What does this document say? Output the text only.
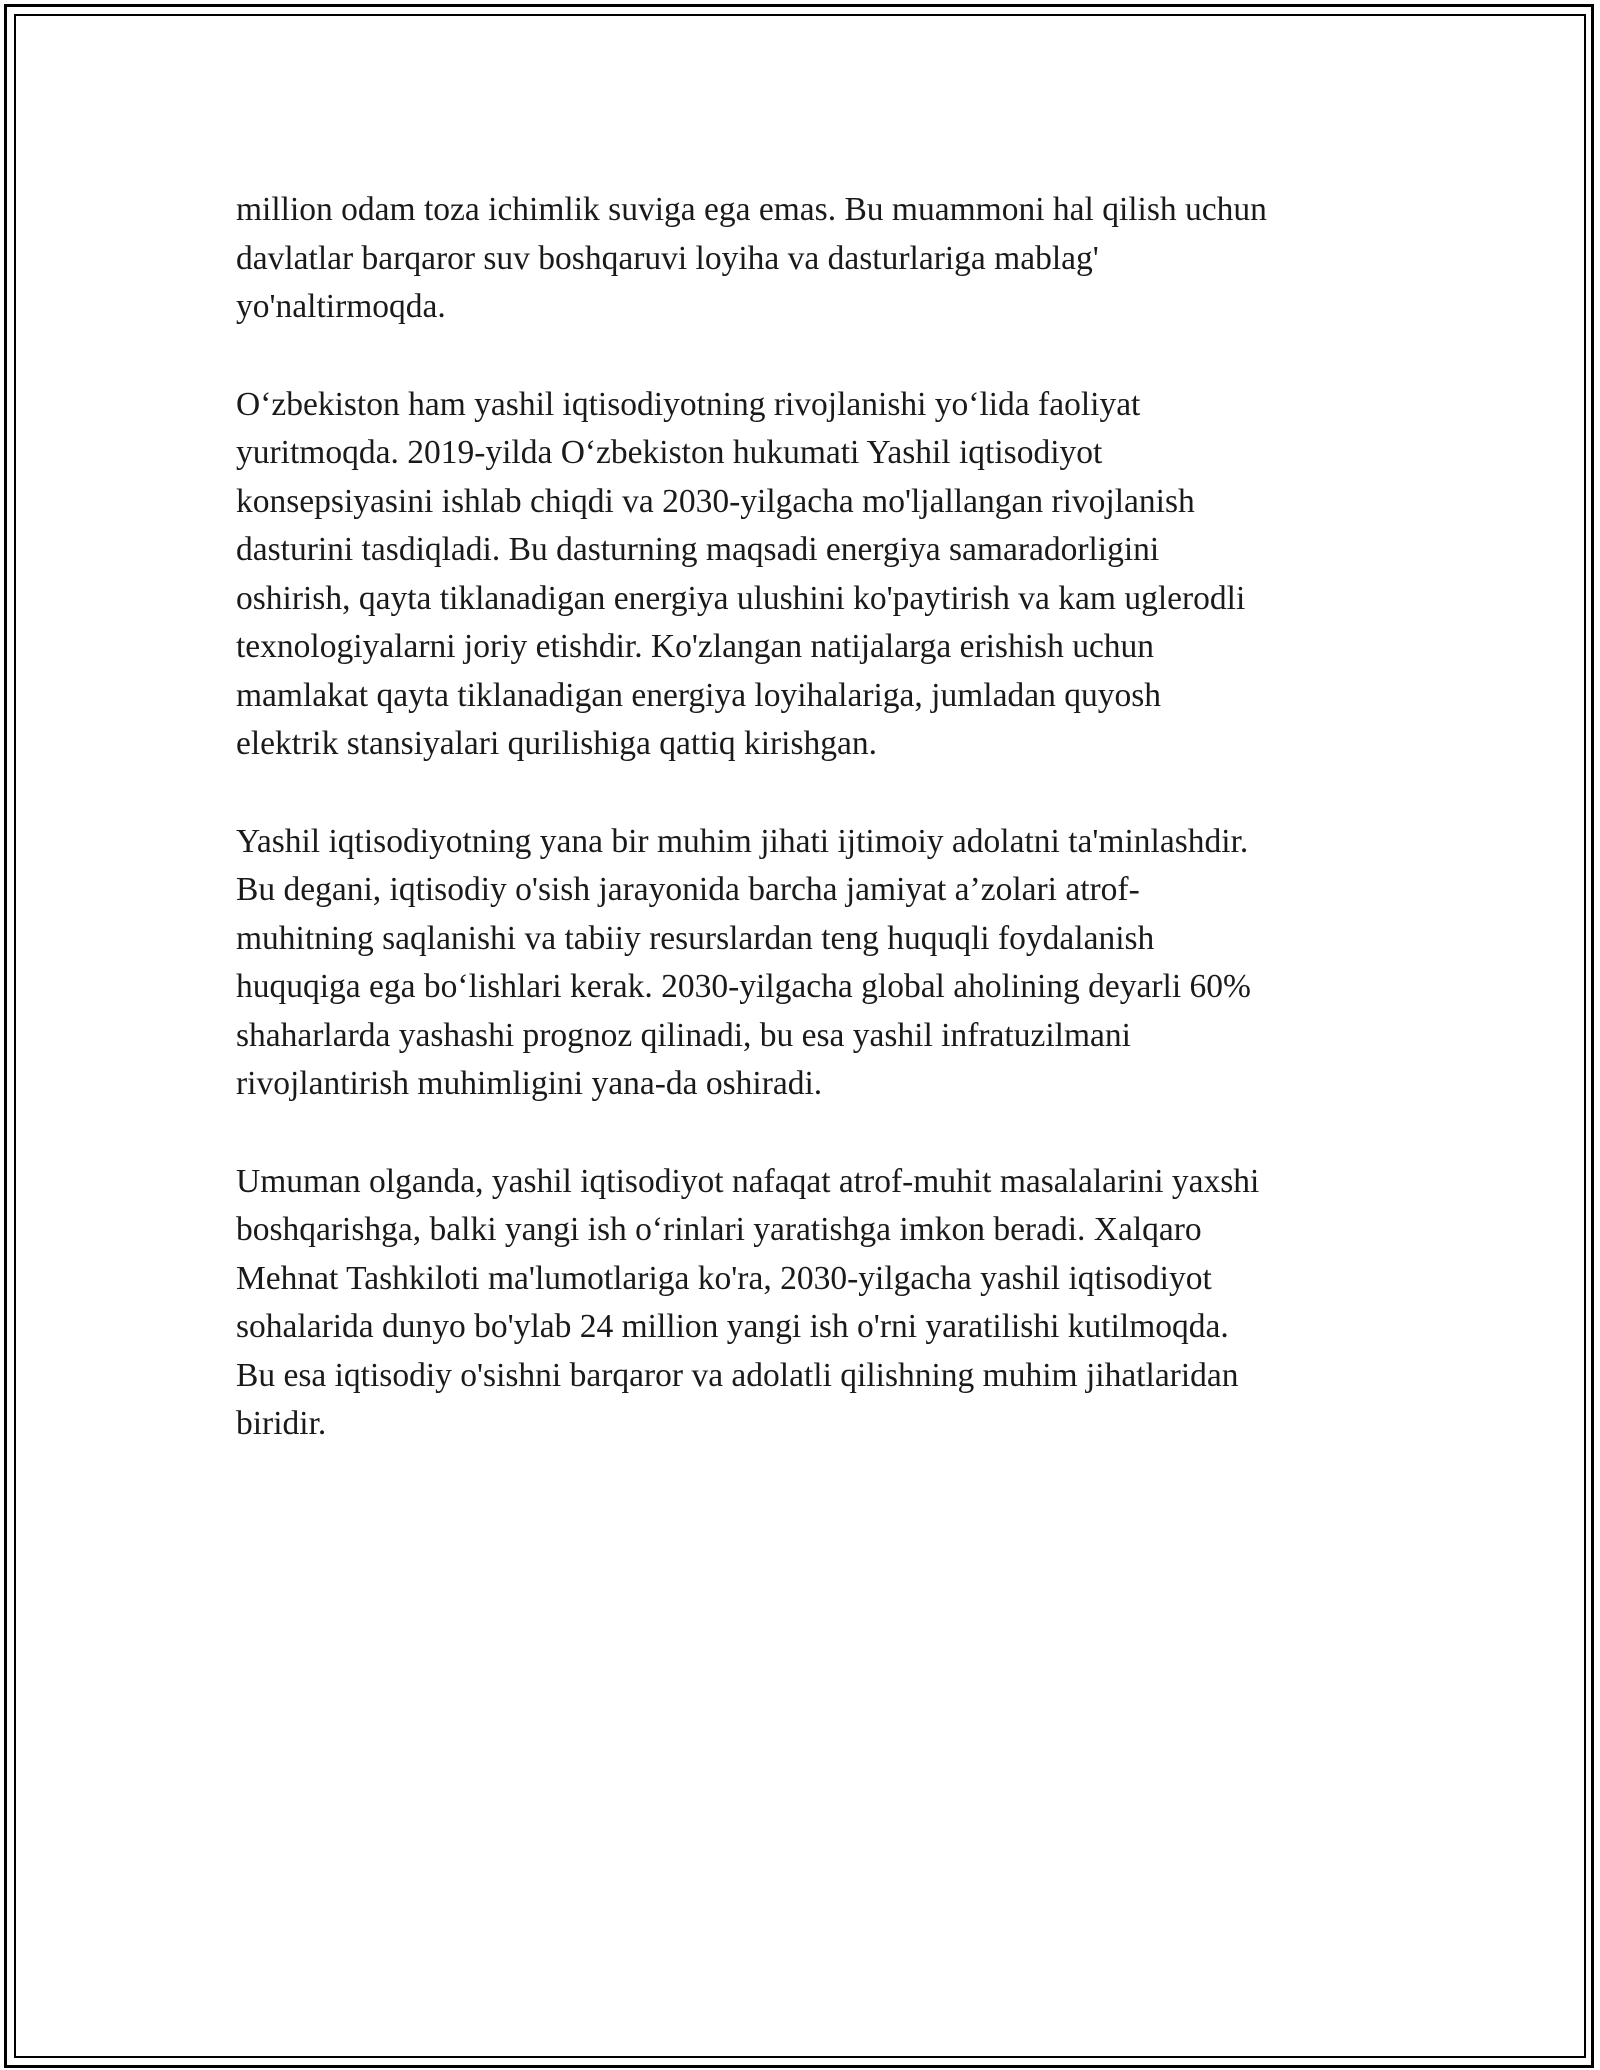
million odam toza ichimlik suviga ega emas. Bu muammoni hal qilish uchun
davlatlar barqaror suv boshqaruvi loyiha va dasturlariga mablag'
yo'naltirmoqda.

O‘zbekiston ham yashil iqtisodiyotning rivojlanishi yo‘lida faoliyat
yuritmoqda. 2019-yilda O‘zbekiston hukumati Yashil iqtisodiyot
konsepsiyasini ishlab chiqdi va 2030-yilgacha mo'ljallangan rivojlanish
dasturini tasdiqladi. Bu dasturning maqsadi energiya samaradorligini
oshirish, qayta tiklanadigan energiya ulushini ko'paytirish va kam uglerodli
texnologiyalarni joriy etishdir. Ko'zlangan natijalarga erishish uchun
mamlakat qayta tiklanadigan energiya loyihalariga, jumladan quyosh
elektrik stansiyalari qurilishiga qattiq kirishgan.

Yashil iqtisodiyotning yana bir muhim jihati ijtimoiy adolatni ta'minlashdir.
Bu degani, iqtisodiy o'sish jarayonida barcha jamiyat a’zolari atrof-
muhitning saqlanishi va tabiiy resurslardan teng huquqli foydalanish
huquqiga ega bo‘lishlari kerak. 2030-yilgacha global aholining deyarli 60%
shaharlarda yashashi prognoz qilinadi, bu esa yashil infratuzilmani
rivojlantirish muhimligini yana-da oshiradi.

Umuman olganda, yashil iqtisodiyot nafaqat atrof-muhit masalalarini yaxshi
boshqarishga, balki yangi ish o‘rinlari yaratishga imkon beradi. Xalqaro
Mehnat Tashkiloti ma'lumotlariga ko'ra, 2030-yilgacha yashil iqtisodiyot
sohalarida dunyo bo'ylab 24 million yangi ish o'rni yaratilishi kutilmoqda.
Bu esa iqtisodiy o'sishni barqaror va adolatli qilishning muhim jihatlaridan
biridir.
